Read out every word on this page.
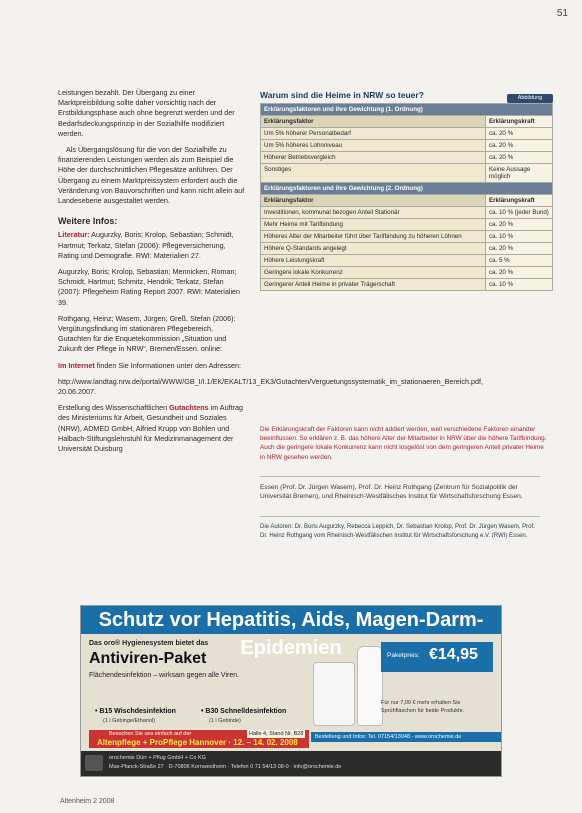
51

Leistungen bezahlt. Der Übergang zu einer Marktpreisbildung sollte daher vorsichtig nach der Erstbildungsphase auch ohne begrenzt werden und der Bedarfsdeckungsprinzip in der Sozialhilfe modifiziert werden.

Als Übergangslösung für die von der Sozialhilfe zu finanzierenden Leistungen werden als zum Beispiel die Höhe der durchschnittlichen Pflegesätze anführen. Der Übergang zu einem Marktpreissystem erfordert auch die Veränderung von Bauvorschriften und kann nicht allein auf Landesebene ausgestaltet werden.

Weitere Infos:

Literatur: Augurzky, Boris; Krolop, Sebastian; Schmidt, Hartmut; Terkatz, Stefan (2006): Pflegeversicherung, Rating und Demografie. RWI: Materialien 27.

Augurzky, Boris; Krolop, Sebastian; Mennicken, Roman; Schmidt, Hartmut; Schmitz, Hendrik; Terkatz, Stefan (2007): Pflegeheim Rating Report 2007. RWI: Materialien 39.

Rothgang, Heinz; Wasem, Jürgen; Greß, Stefan (2006): Vergütungsfindung im stationären Pflegebereich, Gutachten für die Enquetekommission „Situation und Zukunft der Pflege in NRW“, Bremen/Essen. online:

Im Internet finden Sie Informationen unter den Adressen:

http://www.landtag.nrw.de/portal/WWW/GB_I/I.1/EK/EKALT/13_EK3/Gutachten/Verguetungssystematik_im_stationaeren_Bereich.pdf, 20.06.2007.

Erstellung des Wissenschaftlichen Gutachtens im Auftrag des Ministeriums für Arbeit, Gesundheit und Soziales (NRW), ADMED GmbH, Alfried Krupp von Bohlen und Halbach-Stiftungslehrstuhl für Medizinmanagement der Universität Duisburg

Warum sind die Heime in NRW so teuer?	Abbildung
Erklärungsfaktoren und ihre Gewichtung (1. Ordnung)	
Erklärungsfaktor	Erklärungskraft
Um 5% höherer Personalbedarf	ca. 20 %
Um 5% höheres Lohnniveau	ca. 20 %
Höherer Betriebsvergleich	ca. 20 %
Sonstiges	Keine Aussage möglich
Erklärungsfaktoren und ihre Gewichtung (2. Ordnung)	
Erklärungsfaktor	Erklärungskraft
Investitionen, kommunal bezogen Anteil Stationär	ca. 10 % (jeder Bund)
Mehr Heime mit Tarifbindung	ca. 20 %
Höheres Alter der Mitarbeiter führt über Tarifbindung zu höheren Löhnen	ca. 10 %
Höhere Q-Standards angelegt	ca. 20 %
Höhere Leistungskraft	ca. 5 %
Geringere lokale Konkurrenz	ca. 20 %
Geringerer Anteil Heime in privater Trägerschaft	ca. 10 %
Die Erklärungskraft der Faktoren kann nicht addiert werden, weil verschiedene Faktoren einander beeinflussen. So erklären z. B. das höhere Alter der Mitarbeiter in NRW über die höhere Tarifbindung. Auch die geringere lokale Konkurrenz kann nicht losgelöst von dem geringeren Anteil privater Heime in NRW gesehen werden.
Essen (Prof. Dr. Jürgen Wasem), Prof. Dr. Heinz Rothgang (Zentrum für Sozialpolitik der Universität Bremen), und Rheinisch-Westfälisches Institut für Wirtschaftsforschung Essen.
Die Autoren: Dr. Boris Augurzky, Rebecca Leppich, Dr. Sebastian Krolop, Prof. Dr. Jürgen Wasem, Prof. Dr. Heinz Rothgang vom Rheinisch-Westfälischen Institut für Wirtschaftsforschung e.V. (RWI) Essen.
Schutz vor Hepatitis, Aids, Magen-Darm-Epidemien
Das oro® Hygienesystem bietet das
Antiviren-Paket
Flächendesinfektion – wirksam gegen alle Viren.
Paketpreis: €14,95
Für nur 7,00 € mehr erhalten Sie Sprühflaschen für beide Produkte.
• B15 Wischdesinfektion
(1 l Gebinge/Ethanol)
• B30 Schnelldesinfektion
(1 l Gebinde)
Besuchen Sie uns einfach auf der
Altenpflege + ProPflege Hannover · 12. – 14. 02. 2008
Halle 4, Stand Nr. B28	Bestellung und Infos: Tel. 07154/13048 · www.orochemie.de
orochemie Dürr + Pflug GmbH + Co KG
Max-Planck-Straße 27 · D-70806 Kornwestheim · Telefon 0 71 54/13 08-0 · info@orochemie.de
Altenheim 2 2008
